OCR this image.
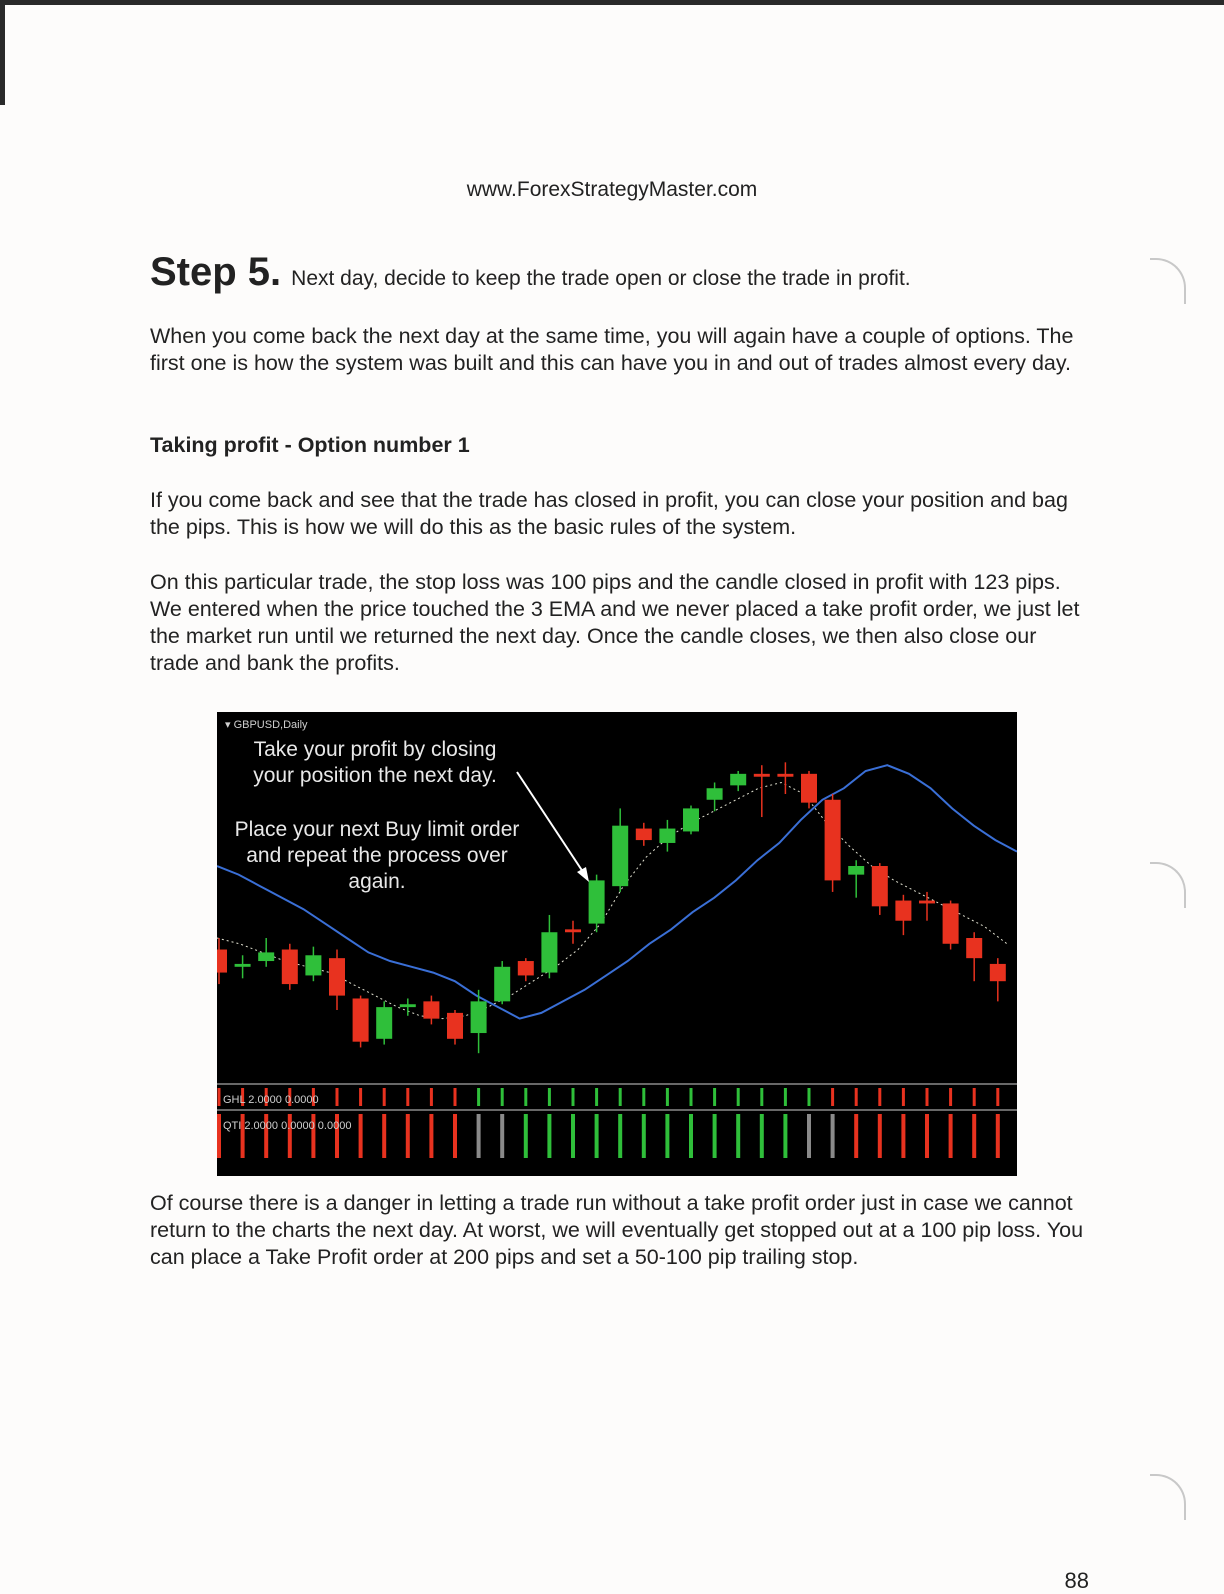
www.ForexStrategyMaster.com
Step 5. Next day, decide to keep the trade open or close the trade in profit.

When you come back the next day at the same time, you will again have a couple of options. The first one is how the system was built and this can have you in and out of trades almost every day.

Taking profit - Option number 1

If you come back and see that the trade has closed in profit, you can close your position and bag the pips. This is how we will do this as the basic rules of the system.

On this particular trade, the stop loss was 100 pips and the candle closed in profit with 123 pips. We entered when the price touched the 3 EMA and we never placed a take profit order, we just let the market run until we returned the next day. Once the candle closes, we then also close our trade and bank the profits.

▾ GBPUSD,Daily
Take your profit by closing
your position the next day.
Place your next Buy limit order
and repeat the process over
again.
GHL 2.0000 0.0000
QTI 2.0000 0.0000 0.0000

Of course there is a danger in letting a trade run without a take profit order just in case we cannot return to the charts the next day. At worst, we will eventually get stopped out at a 100 pip loss. You can place a Take Profit order at 200 pips and set a 50-100 pip trailing stop.

88
